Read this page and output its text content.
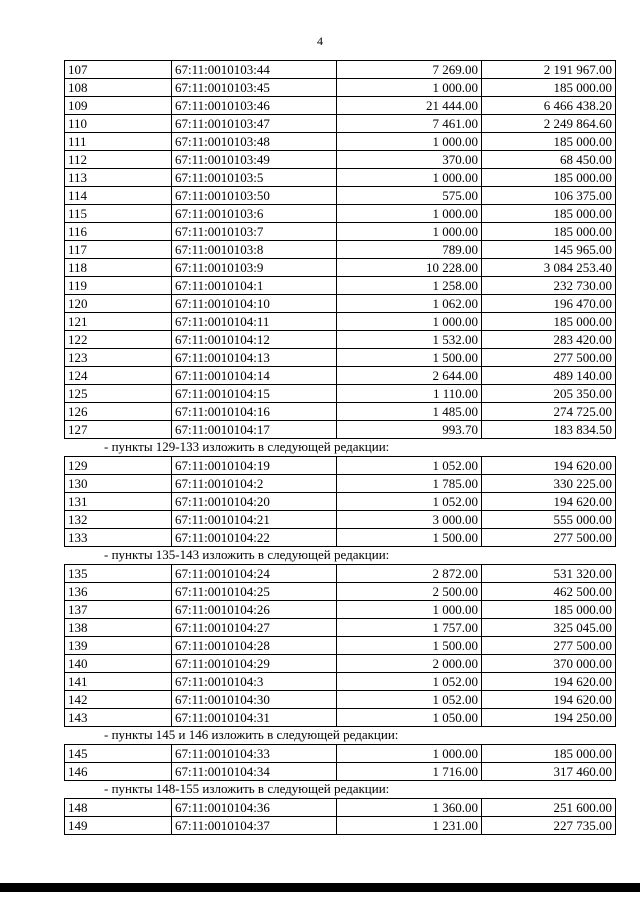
4
107	67:11:0010103:44	7 269.00	2 191 967.00
108	67:11:0010103:45	1 000.00	185 000.00
109	67:11:0010103:46	21 444.00	6 466 438.20
110	67:11:0010103:47	7 461.00	2 249 864.60
111	67:11:0010103:48	1 000.00	185 000.00
112	67:11:0010103:49	370.00	68 450.00
113	67:11:0010103:5	1 000.00	185 000.00
114	67:11:0010103:50	575.00	106 375.00
115	67:11:0010103:6	1 000.00	185 000.00
116	67:11:0010103:7	1 000.00	185 000.00
117	67:11:0010103:8	789.00	145 965.00
118	67:11:0010103:9	10 228.00	3 084 253.40
119	67:11:0010104:1	1 258.00	232 730.00
120	67:11:0010104:10	1 062.00	196 470.00
121	67:11:0010104:11	1 000.00	185 000.00
122	67:11:0010104:12	1 532.00	283 420.00
123	67:11:0010104:13	1 500.00	277 500.00
124	67:11:0010104:14	2 644.00	489 140.00
125	67:11:0010104:15	1 110.00	205 350.00
126	67:11:0010104:16	1 485.00	274 725.00
127	67:11:0010104:17	993.70	183 834.50
- пункты 129-133 изложить в следующей редакции:
129	67:11:0010104:19	1 052.00	194 620.00
130	67:11:0010104:2	1 785.00	330 225.00
131	67:11:0010104:20	1 052.00	194 620.00
132	67:11:0010104:21	3 000.00	555 000.00
133	67:11:0010104:22	1 500.00	277 500.00
- пункты 135-143 изложить в следующей редакции:
135	67:11:0010104:24	2 872.00	531 320.00
136	67:11:0010104:25	2 500.00	462 500.00
137	67:11:0010104:26	1 000.00	185 000.00
138	67:11:0010104:27	1 757.00	325 045.00
139	67:11:0010104:28	1 500.00	277 500.00
140	67:11:0010104:29	2 000.00	370 000.00
141	67:11:0010104:3	1 052.00	194 620.00
142	67:11:0010104:30	1 052.00	194 620.00
143	67:11:0010104:31	1 050.00	194 250.00
- пункты 145 и 146 изложить в следующей редакции:
145	67:11:0010104:33	1 000.00	185 000.00
146	67:11:0010104:34	1 716.00	317 460.00
- пункты 148-155 изложить в следующей редакции:
148	67:11:0010104:36	1 360.00	251 600.00
149	67:11:0010104:37	1 231.00	227 735.00
